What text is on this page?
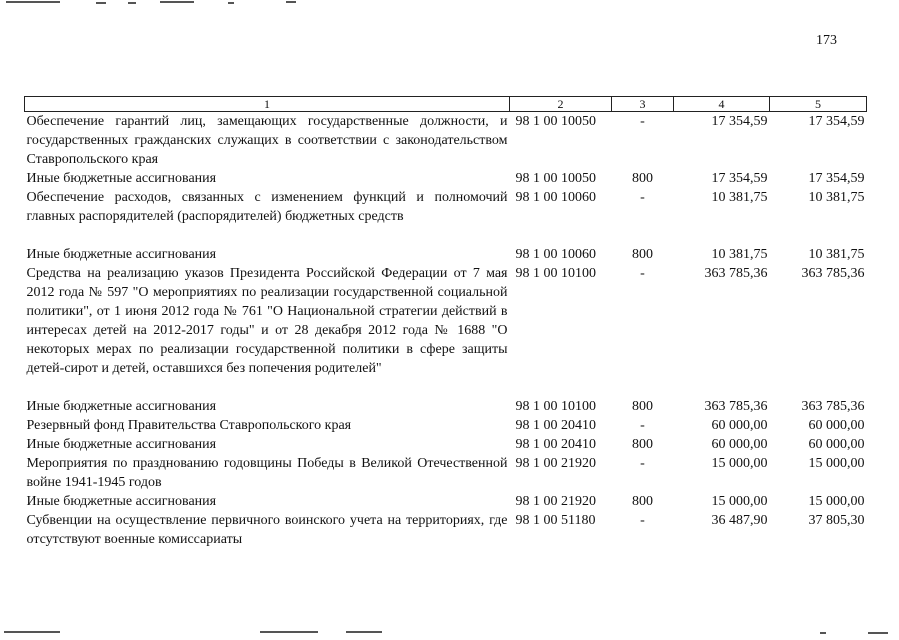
173
1	2	3	4	5
Обеспечение гарантий лиц, замещающих государственные должности, и государственных гражданских служащих в соответствии с законодательством Ставропольского края	98 1 00 10050	-	17 354,59	17 354,59
Иные бюджетные ассигнования	98 1 00 10050	800	17 354,59	17 354,59
Обеспечение расходов, связанных с изменением функций и полномочий главных распорядителей (распорядителей) бюджетных средств	98 1 00 10060	-	10 381,75	10 381,75

Иные бюджетные ассигнования	98 1 00 10060	800	10 381,75	10 381,75
Средства на реализацию указов Президента Российской Федерации от 7 мая 2012 года № 597 "О мероприятиях по реализации государственной социальной политики", от 1 июня 2012 года № 761 "О Национальной стратегии действий в интересах детей на 2012-2017 годы" и от 28 декабря 2012 года № 1688 "О некоторых мерах по реализации государственной политики в сфере защиты детей-сирот и детей, оставшихся без попечения родителей"	98 1 00 10100	-	363 785,36	363 785,36

Иные бюджетные ассигнования	98 1 00 10100	800	363 785,36	363 785,36
Резервный фонд Правительства Ставропольского края	98 1 00 20410	-	60 000,00	60 000,00
Иные бюджетные ассигнования	98 1 00 20410	800	60 000,00	60 000,00
Мероприятия по празднованию годовщины Победы в Великой Отечественной войне 1941-1945 годов	98 1 00 21920	-	15 000,00	15 000,00
Иные бюджетные ассигнования	98 1 00 21920	800	15 000,00	15 000,00
Субвенции на осуществление первичного воинского учета на территориях, где отсутствуют военные комиссариаты	98 1 00 51180	-	36 487,90	37 805,30
